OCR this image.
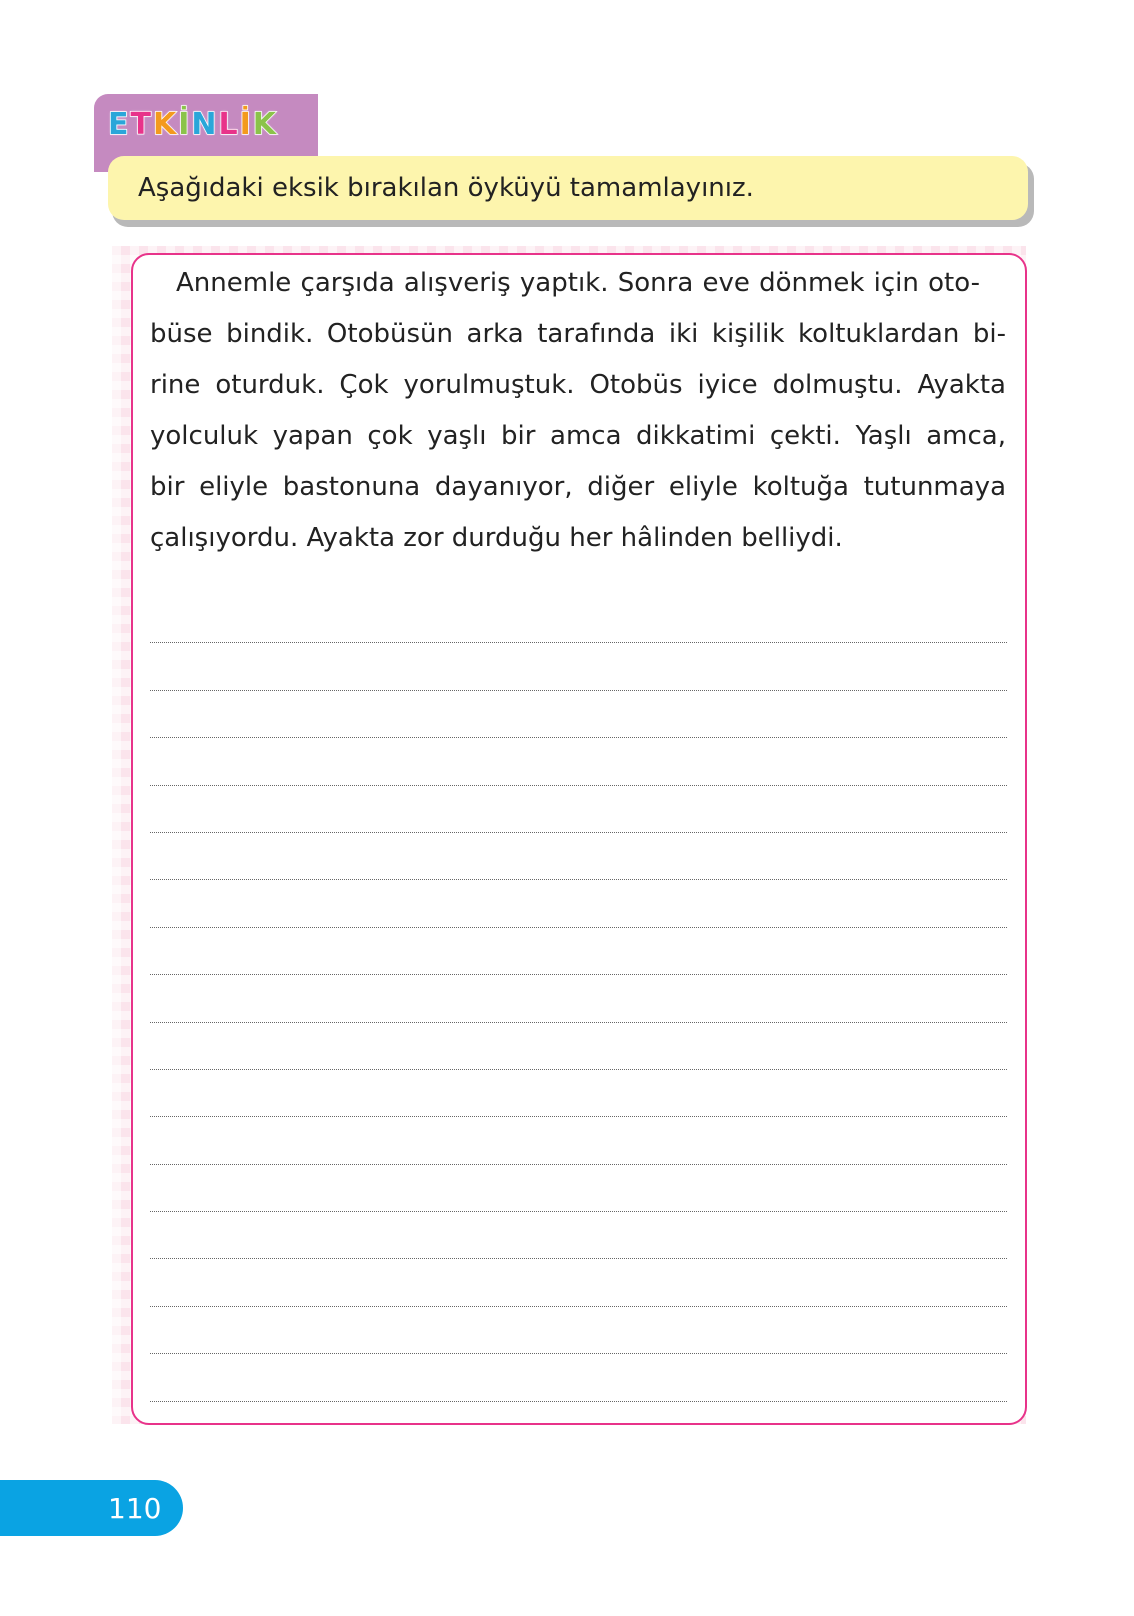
E T K İ N L İ K
Aşağıdaki eksik bırakılan öyküyü tamamlayınız.
Annemle çarşıda alışveriş yaptık. Sonra eve dönmek için oto-
büse bindik. Otobüsün arka tarafında iki kişilik koltuklardan bi-
rine oturduk. Çok yorulmuştuk. Otobüs iyice dolmuştu. Ayakta
yolculuk yapan çok yaşlı bir amca dikkatimi çekti. Yaşlı amca,
bir eliyle bastonuna dayanıyor, diğer eliyle koltuğa tutunmaya
çalışıyordu. Ayakta zor durduğu her hâlinden belliydi.
110
